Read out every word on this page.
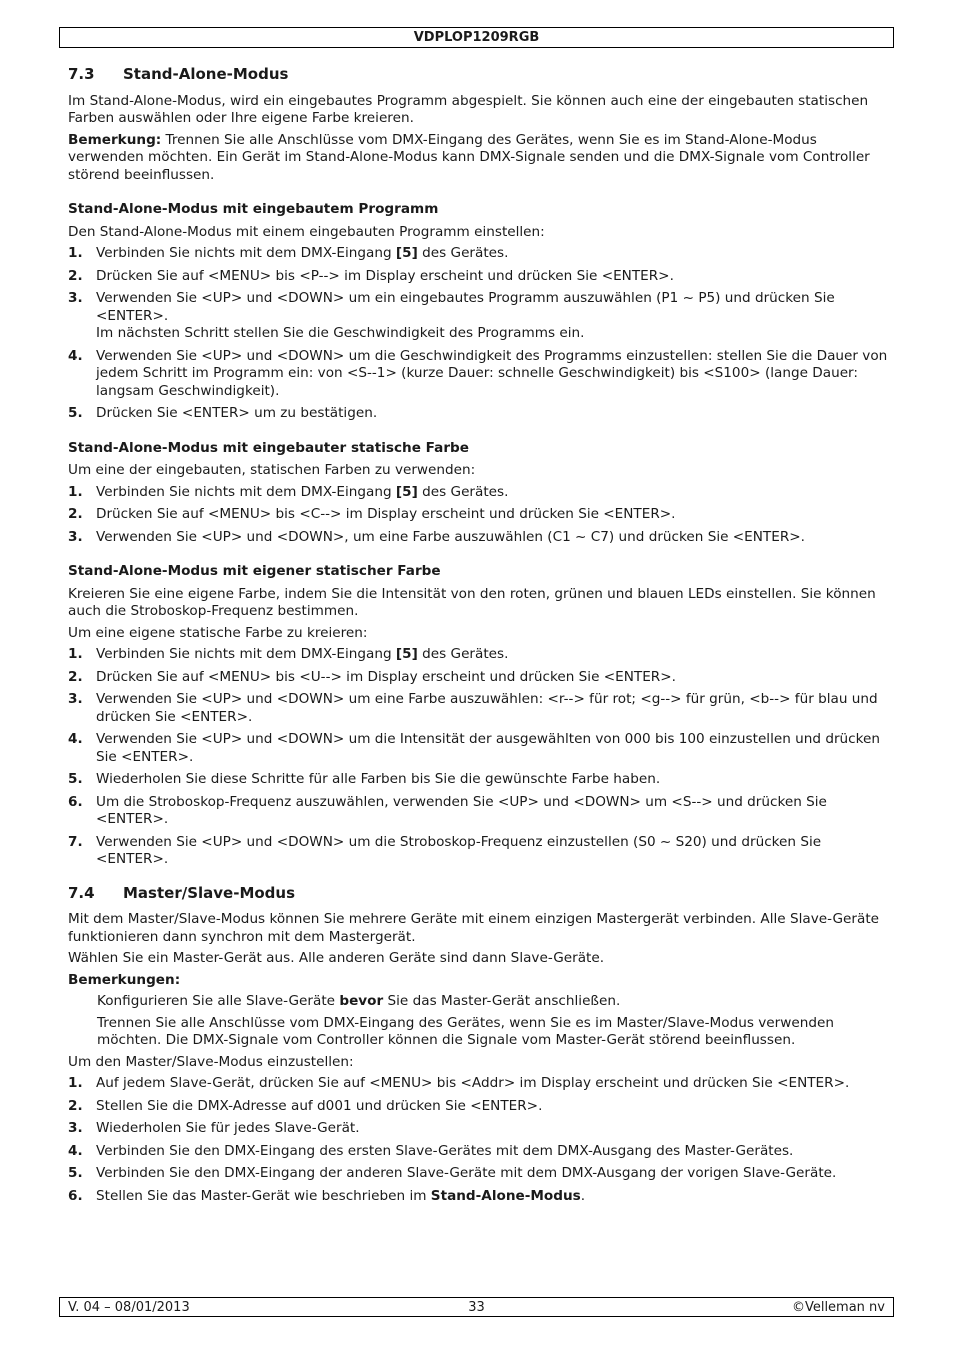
VDPLOP1209RGB
7.3	Stand-Alone-Modus

Im Stand-Alone-Modus, wird ein eingebautes Programm abgespielt. Sie können auch eine der eingebauten statischen Farben auswählen oder Ihre eigene Farbe kreieren.

Bemerkung: Trennen Sie alle Anschlüsse vom DMX-Eingang des Gerätes, wenn Sie es im Stand-Alone-Modus verwenden möchten. Ein Gerät im Stand-Alone-Modus kann DMX-Signale senden und die DMX-Signale vom Controller störend beeinflussen.

Stand-Alone-Modus mit eingebautem Programm

Den Stand-Alone-Modus mit einem eingebauten Programm einstellen:

1. Verbinden Sie nichts mit dem DMX-Eingang [5] des Gerätes.
2. Drücken Sie auf <MENU> bis <P--> im Display erscheint und drücken Sie <ENTER>.
3. Verwenden Sie <UP> und <DOWN> um ein eingebautes Programm auszuwählen (P1 ~ P5) und drücken Sie <ENTER>.
Im nächsten Schritt stellen Sie die Geschwindigkeit des Programms ein.
4. Verwenden Sie <UP> und <DOWN> um die Geschwindigkeit des Programms einzustellen: stellen Sie die Dauer von jedem Schritt im Programm ein: von <S--1> (kurze Dauer: schnelle Geschwindigkeit) bis <S100> (lange Dauer: langsam Geschwindigkeit).
5. Drücken Sie <ENTER> um zu bestätigen.
Stand-Alone-Modus mit eingebauter statische Farbe

Um eine der eingebauten, statischen Farben zu verwenden:

1. Verbinden Sie nichts mit dem DMX-Eingang [5] des Gerätes.
2. Drücken Sie auf <MENU> bis <C--> im Display erscheint und drücken Sie <ENTER>.
3. Verwenden Sie <UP> und <DOWN>, um eine Farbe auszuwählen (C1 ~ C7) und drücken Sie <ENTER>.
Stand-Alone-Modus mit eigener statischer Farbe

Kreieren Sie eine eigene Farbe, indem Sie die Intensität von den roten, grünen und blauen LEDs einstellen. Sie können auch die Stroboskop-Frequenz bestimmen.

Um eine eigene statische Farbe zu kreieren:

1. Verbinden Sie nichts mit dem DMX-Eingang [5] des Gerätes.
2. Drücken Sie auf <MENU> bis <U--> im Display erscheint und drücken Sie <ENTER>.
3. Verwenden Sie <UP> und <DOWN> um eine Farbe auszuwählen: <r--> für rot; <g--> für grün, <b--> für blau und drücken Sie <ENTER>.
4. Verwenden Sie <UP> und <DOWN> um die Intensität der ausgewählten von 000 bis 100 einzustellen und drücken Sie <ENTER>.
5. Wiederholen Sie diese Schritte für alle Farben bis Sie die gewünschte Farbe haben.
6. Um die Stroboskop-Frequenz auszuwählen, verwenden Sie <UP> und <DOWN> um <S--> und drücken Sie <ENTER>.
7. Verwenden Sie <UP> und <DOWN> um die Stroboskop-Frequenz einzustellen (S0 ~ S20) und drücken Sie <ENTER>.
7.4	Master/Slave-Modus

Mit dem Master/Slave-Modus können Sie mehrere Geräte mit einem einzigen Mastergerät verbinden. Alle Slave-Geräte funktionieren dann synchron mit dem Mastergerät.

Wählen Sie ein Master-Gerät aus. Alle anderen Geräte sind dann Slave-Geräte.

Bemerkungen:

Konfigurieren Sie alle Slave-Geräte bevor Sie das Master-Gerät anschließen.

Trennen Sie alle Anschlüsse vom DMX-Eingang des Gerätes, wenn Sie es im Master/Slave-Modus verwenden möchten. Die DMX-Signale vom Controller können die Signale vom Master-Gerät störend beeinflussen.

Um den Master/Slave-Modus einzustellen:

1. Auf jedem Slave-Gerät, drücken Sie auf <MENU> bis <Addr> im Display erscheint und drücken Sie <ENTER>.
2. Stellen Sie die DMX-Adresse auf d001 und drücken Sie <ENTER>.
3. Wiederholen Sie für jedes Slave-Gerät.
4. Verbinden Sie den DMX-Eingang des ersten Slave-Gerätes mit dem DMX-Ausgang des Master-Gerätes.
5. Verbinden Sie den DMX-Eingang der anderen Slave-Geräte mit dem DMX-Ausgang der vorigen Slave-Geräte.
6. Stellen Sie das Master-Gerät wie beschrieben im Stand-Alone-Modus.
V. 04 – 08/01/2013	33	©Velleman nv
